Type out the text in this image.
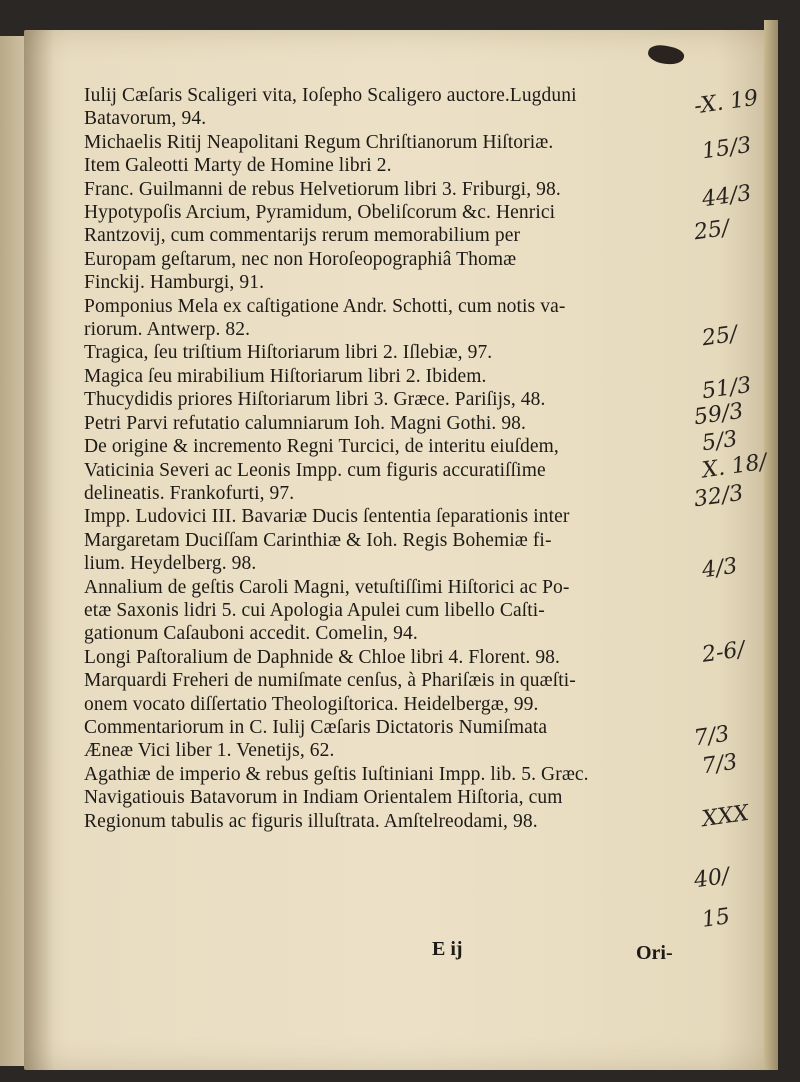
Iulij Cæſaris Scaligeri vita, Ioſepho Scaligero auctore.Lugduni
Batavorum, 94.
Michaelis Ritij Neapolitani Regum Chriſtianorum Hiſtoriæ.
Item Galeotti Marty de Homine libri 2.
Franc. Guilmanni de rebus Helvetiorum libri 3. Friburgi, 98.
Hypotypoſis Arcium, Pyramidum, Obeliſcorum &c. Henrici
Rantzovij, cum commentarijs rerum memorabilium per
Europam geſtarum, nec non Horoſeopographiâ Thomæ
Finckij. Hamburgi, 91.
Pomponius Mela ex caſtigatione Andr. Schotti, cum notis va-
riorum. Antwerp. 82.
Tragica, ſeu triſtium Hiſtoriarum libri 2. Iſlebiæ, 97.
Magica ſeu mirabilium Hiſtoriarum libri 2. Ibidem.
Thucydidis priores Hiſtoriarum libri 3. Græce. Pariſijs, 48.
Petri Parvi refutatio calumniarum Ioh. Magni Gothi. 98.
De origine & incremento Regni Turcici, de interitu eiuſdem,
Vaticinia Severi ac Leonis Impp. cum figuris accuratiſſime
delineatis. Frankofurti, 97.
Impp. Ludovici III. Bavariæ Ducis ſententia ſeparationis inter
Margaretam Duciſſam Carinthiæ & Ioh. Regis Bohemiæ fi-
lium. Heydelberg. 98.
Annalium de geſtis Caroli Magni, vetuſtiſſimi Hiſtorici ac Po-
etæ Saxonis lidri 5. cui Apologia Apulei cum libello Caſti-
gationum Caſauboni accedit. Comelin, 94.
Longi Paſtoralium de Daphnide & Chloe libri 4. Florent. 98.
Marquardi Freheri de numiſmate cenſus, à Phariſæis in quæſti-
onem vocato diſſertatio Theologiſtorica. Heidelbergæ, 99.
Commentariorum in C. Iulij Cæſaris Dictatoris Numiſmata
Æneæ Vici liber 1. Venetijs, 62.
Agathiæ de imperio & rebus geſtis Iuſtiniani Impp. lib. 5. Græc.
Navigatiouis Batavorum in Indiam Orientalem Hiſtoria, cum
Regionum tabulis ac figuris illuſtrata. Amſtelreodami, 98.
-X. 19
15/3
44/3
25/
25/
51/3
59/3
5/3
X. 18/
32/3
4/3
2-6/
7/3
7/3
XXX
40/
15
E ij	Ori-
